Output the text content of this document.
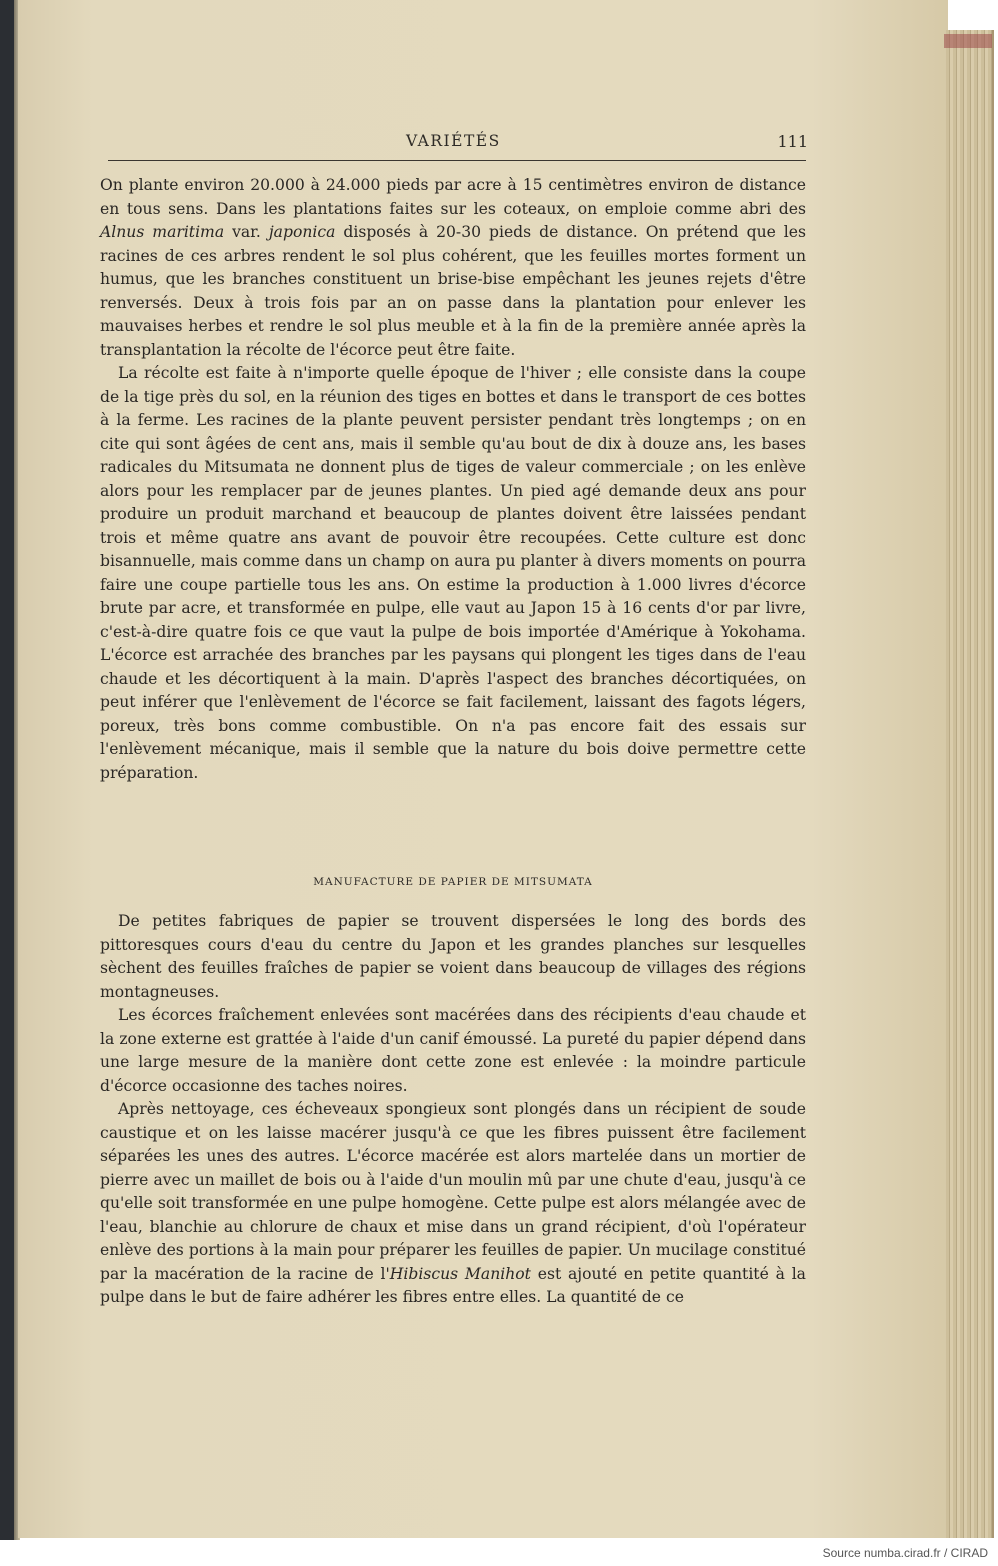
VARIÉTÉS	111

On plante environ 20.000 à 24.000 pieds par acre à 15 centimètres environ de distance en tous sens. Dans les plantations faites sur les coteaux, on emploie comme abri des Alnus maritima var. japonica disposés à 20-30 pieds de distance. On prétend que les racines de ces arbres rendent le sol plus cohérent, que les feuilles mortes forment un humus, que les branches constituent un brise-bise empêchant les jeunes rejets d'être renversés. Deux à trois fois par an on passe dans la plantation pour enlever les mauvaises herbes et rendre le sol plus meuble et à la fin de la première année après la transplantation la récolte de l'écorce peut être faite.

La récolte est faite à n'importe quelle époque de l'hiver ; elle consiste dans la coupe de la tige près du sol, en la réunion des tiges en bottes et dans le transport de ces bottes à la ferme. Les racines de la plante peuvent persister pendant très longtemps ; on en cite qui sont âgées de cent ans, mais il semble qu'au bout de dix à douze ans, les bases radicales du Mitsumata ne donnent plus de tiges de valeur commerciale ; on les enlève alors pour les remplacer par de jeunes plantes. Un pied agé demande deux ans pour produire un produit marchand et beaucoup de plantes doivent être laissées pendant trois et même quatre ans avant de pouvoir être recoupées. Cette culture est donc bisannuelle, mais comme dans un champ on aura pu planter à divers moments on pourra faire une coupe partielle tous les ans. On estime la production à 1.000 livres d'écorce brute par acre, et transformée en pulpe, elle vaut au Japon 15 à 16 cents d'or par livre, c'est-à-dire quatre fois ce que vaut la pulpe de bois importée d'Amérique à Yokohama. L'écorce est arrachée des branches par les paysans qui plongent les tiges dans de l'eau chaude et les décortiquent à la main. D'après l'aspect des branches décortiquées, on peut inférer que l'enlèvement de l'écorce se fait facilement, laissant des fagots légers, poreux, très bons comme combustible. On n'a pas encore fait des essais sur l'enlèvement mécanique, mais il semble que la nature du bois doive permettre cette préparation.

MANUFACTURE DE PAPIER DE MITSUMATA

De petites fabriques de papier se trouvent dispersées le long des bords des pittoresques cours d'eau du centre du Japon et les grandes planches sur lesquelles sèchent des feuilles fraîches de papier se voient dans beaucoup de villages des régions montagneuses.

Les écorces fraîchement enlevées sont macérées dans des récipients d'eau chaude et la zone externe est grattée à l'aide d'un canif émoussé. La pureté du papier dépend dans une large mesure de la manière dont cette zone est enlevée : la moindre particule d'écorce occasionne des taches noires.

Après nettoyage, ces écheveaux spongieux sont plongés dans un récipient de soude caustique et on les laisse macérer jusqu'à ce que les fibres puissent être facilement séparées les unes des autres. L'écorce macérée est alors martelée dans un mortier de pierre avec un maillet de bois ou à l'aide d'un moulin mû par une chute d'eau, jusqu'à ce qu'elle soit transformée en une pulpe homogène. Cette pulpe est alors mélangée avec de l'eau, blanchie au chlorure de chaux et mise dans un grand récipient, d'où l'opérateur enlève des portions à la main pour préparer les feuilles de papier. Un mucilage constitué par la macération de la racine de l'Hibiscus Manihot est ajouté en petite quantité à la pulpe dans le but de faire adhérer les fibres entre elles. La quantité de ce

Source numba.cirad.fr / CIRAD
